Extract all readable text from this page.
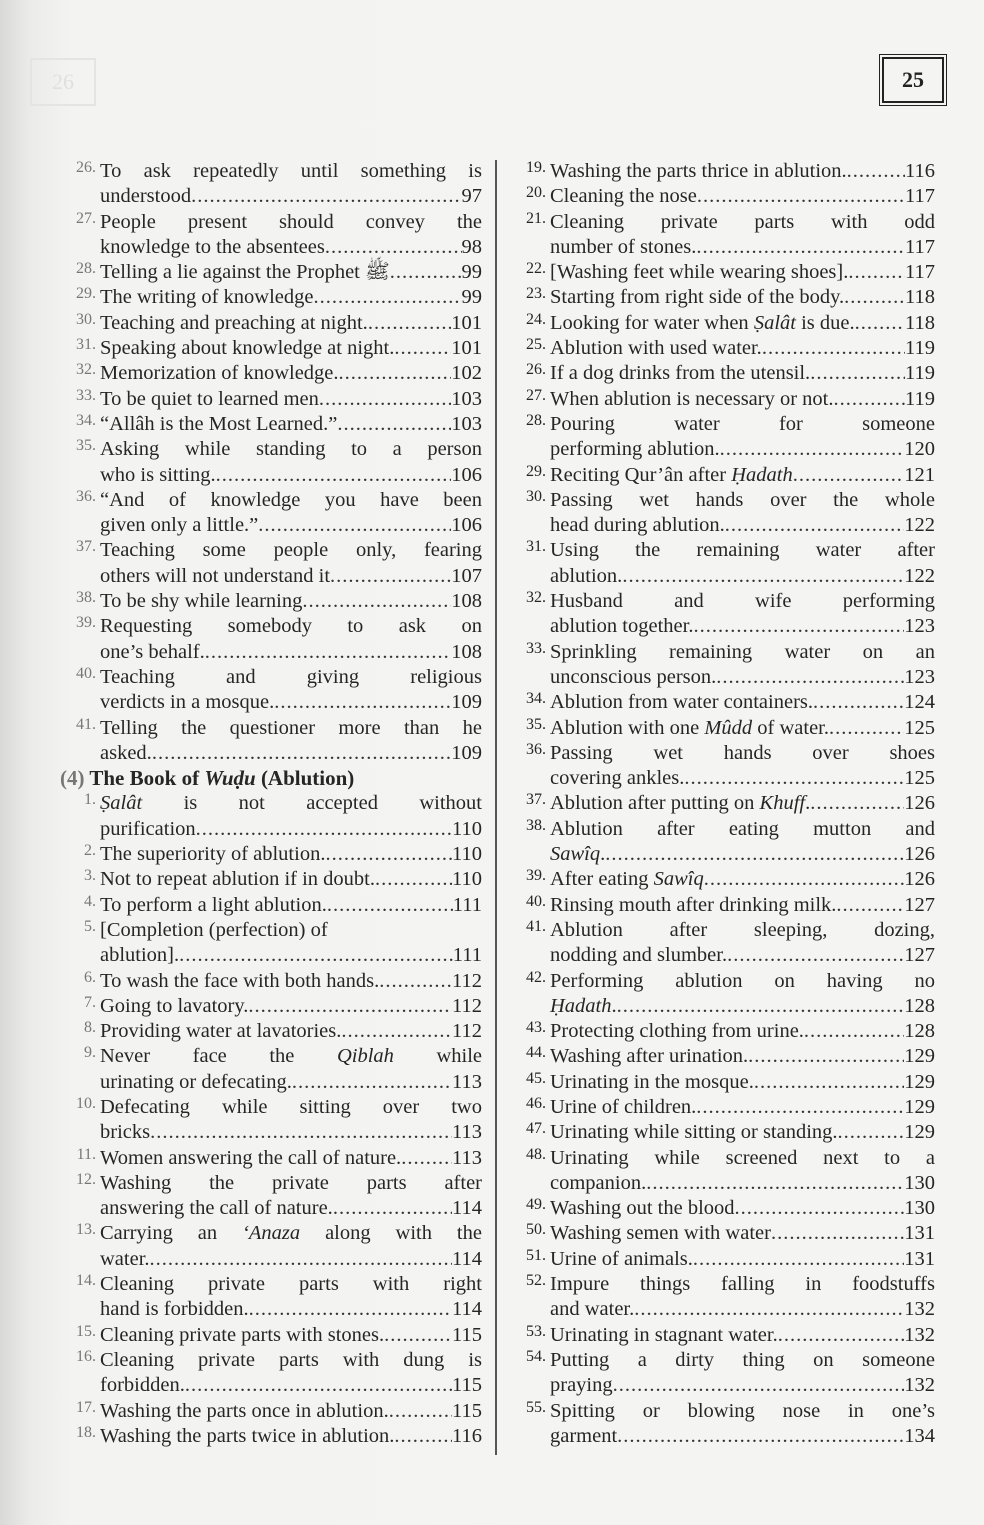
26	25
26. To ask repeatedly until something is
understood .....	97
27. People present should convey the
knowledge to the absentees .....	98
28. Telling a lie against the Prophet ﷺ .....	99
29. The writing of knowledge .....	99
30. Teaching and preaching at night. .....	101
31. Speaking about knowledge at night. .....	101
32. Memorization of knowledge. .....	102
33. To be quiet to learned men .....	103
34. “Allâh is the Most Learned.” .....	103
35. Asking while standing to a person
who is sitting. .....	106
36. “And of knowledge you have been
given only a little.” .....	106
37. Teaching some people only, fearing
others will not understand it .....	107
38. To be shy while learning .....	108
39. Requesting somebody to ask on
one’s behalf. .....	108
40. Teaching and giving religious
verdicts in a mosque. .....	109
41. Telling the questioner more than he
asked. .....	109
(4) The Book of Wuḍu (Ablution)
1. Ṣalât is not accepted without
purification .....	110
2. The superiority of ablution. .....	110
3. Not to repeat ablution if in doubt. .....	110
4. To perform a light ablution. .....	111
5. [Completion (perfection) of
ablution]. .....	111
6. To wash the face with both hands. .....	112
7. Going to lavatory. .....	112
8. Providing water at lavatories. .....	112
9. Never face the Qiblah while
urinating or defecating. .....	113
10. Defecating while sitting over two
bricks .....	113
11. Women answering the call of nature. ..... 113
12. Washing the private parts after
answering the call of nature. .....	114
13. Carrying an ‘Anaza along with the
water. .....	114
14. Cleaning private parts with right
hand is forbidden. .....	114
15. Cleaning private parts with stones. .....	115
16. Cleaning private parts with dung is
forbidden. .....	115
17. Washing the parts once in ablution. .....	115
18. Washing the parts twice in ablution. .....	116
19. Washing the parts thrice in ablution. .....	116
20. Cleaning the nose .....	117
21. Cleaning private parts with odd
number of stones. .....	117
22. [Washing feet while wearing shoes]. .....	117
23. Starting from right side of the body. .....	118
24. Looking for water when Ṣalât is due. ..... 118
25. Ablution with used water. .....	119
26. If a dog drinks from the utensil. .....	119
27. When ablution is necessary or not. .....	119
28. Pouring water for someone
performing ablution. .....	120
29. Reciting Qur’ân after Ḥadath .....	121
30. Passing wet hands over the whole
head during ablution. .....	122
31. Using the remaining water after
ablution. .....	122
32. Husband and wife performing
ablution together. .....	123
33. Sprinkling remaining water on an
unconscious person. .....	123
34. Ablution from water containers. .....	124
35. Ablution with one Mûdd of water. .....	125
36. Passing wet hands over shoes
covering ankles. .....	125
37. Ablution after putting on Khuff. .....	126
38. Ablution after eating mutton and
Sawîq. .....	126
39. After eating Sawîq .....	126
40. Rinsing mouth after drinking milk. .....	127
41. Ablution after sleeping, dozing,
nodding and slumber. .....	127
42. Performing ablution on having no
Ḥadath. .....	128
43. Protecting clothing from urine. .....	128
44. Washing after urination. .....	129
45. Urinating in the mosque. .....	129
46. Urine of children. .....	129
47. Urinating while sitting or standing. .....	129
48. Urinating while screened next to a
companion. .....	130
49. Washing out the blood .....	130
50. Washing semen with water .....	131
51. Urine of animals. .....	131
52. Impure things falling in foodstuffs
and water. .....	132
53. Urinating in stagnant water. .....	132
54. Putting a dirty thing on someone
praying .....	132
55. Spitting or blowing nose in one’s
garment .....	134
